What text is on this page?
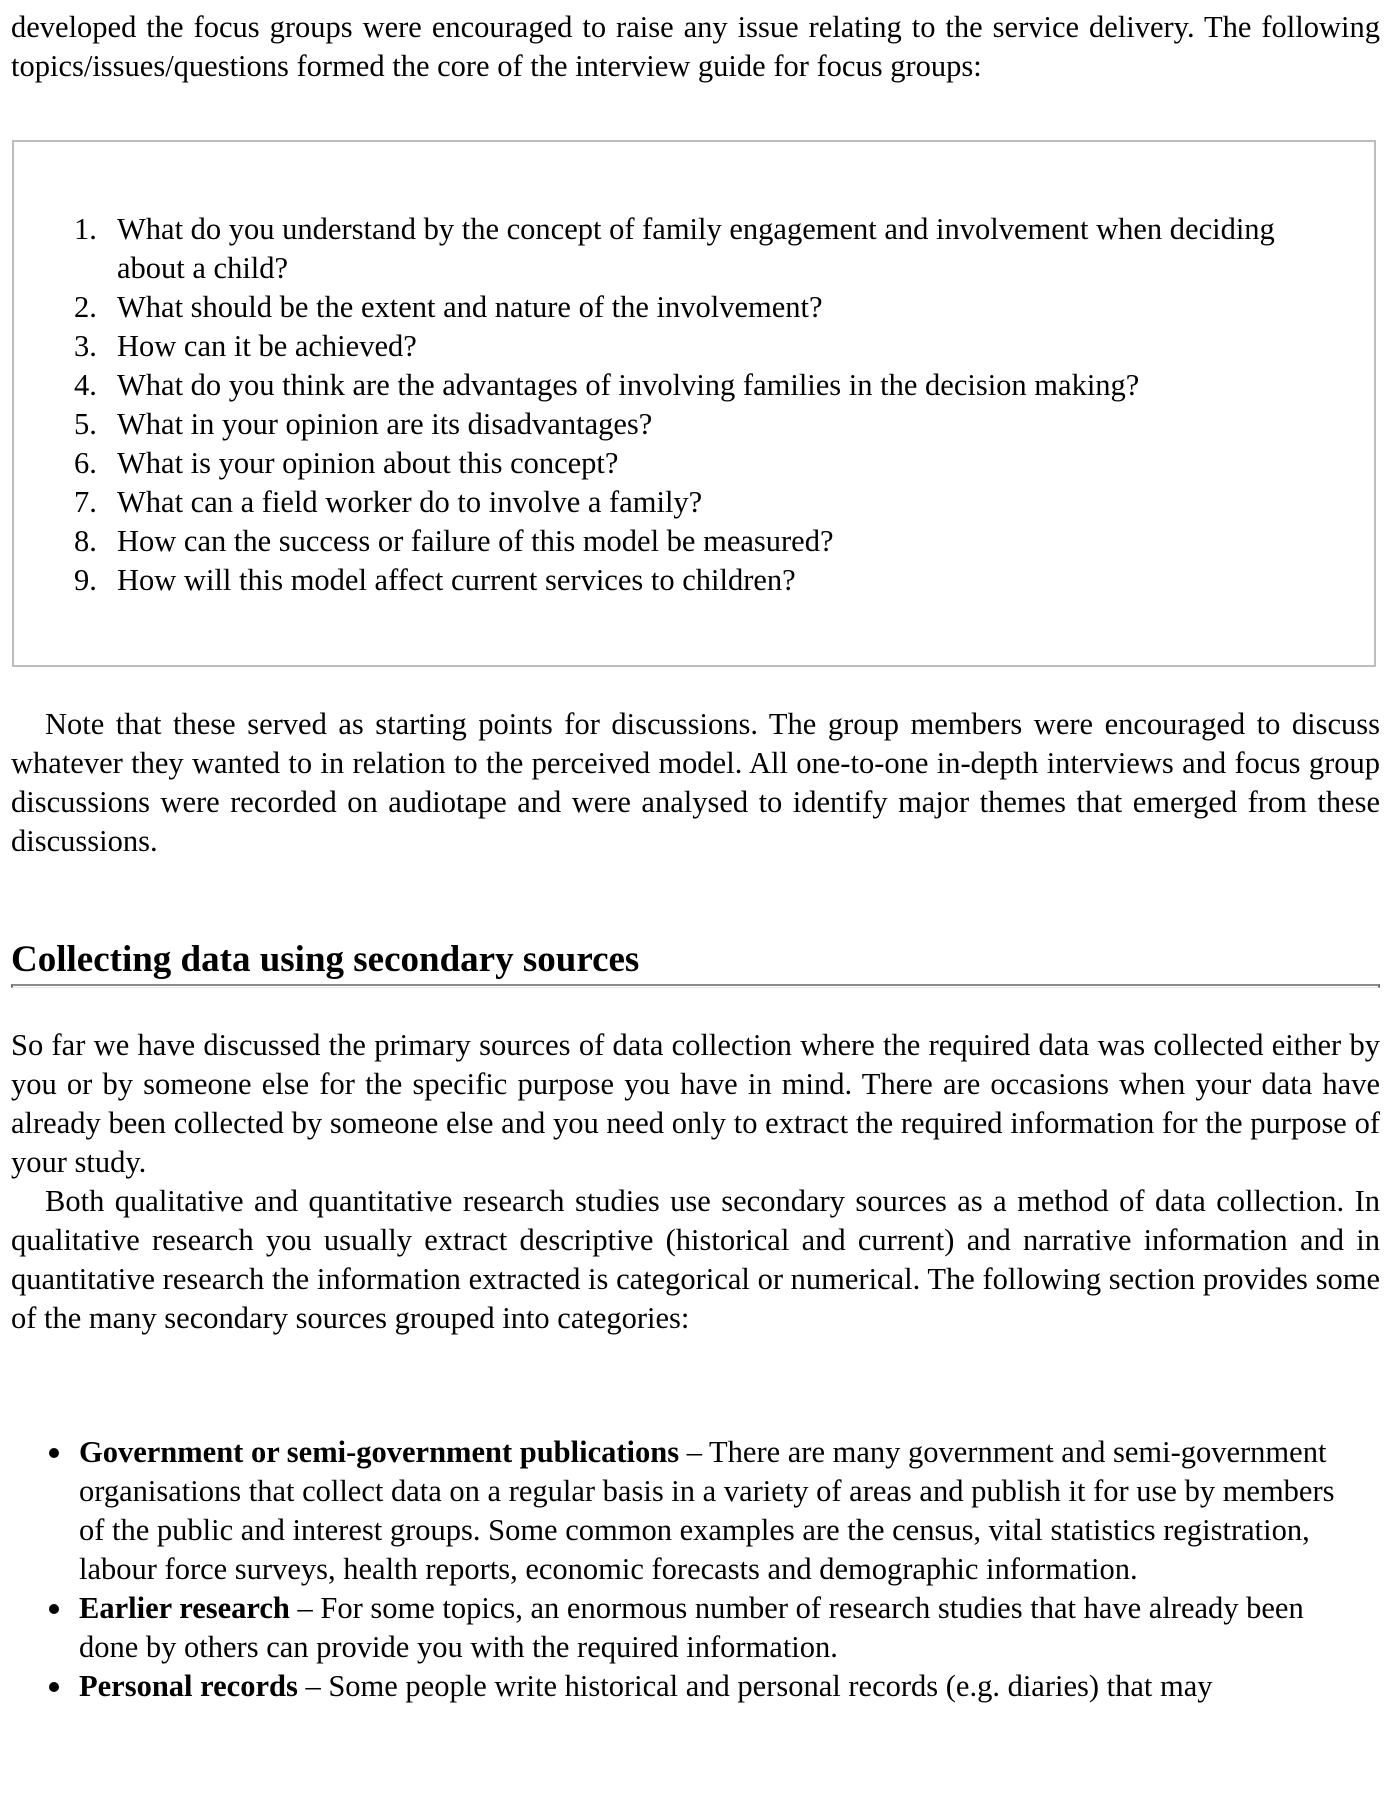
developed the focus groups were encouraged to raise any issue relating to the service delivery. The following topics/issues/questions formed the core of the interview guide for focus groups:

1. What do you understand by the concept of family engagement and involvement when deciding about a child?
2. What should be the extent and nature of the involvement?
3. How can it be achieved?
4. What do you think are the advantages of involving families in the decision making?
5. What in your opinion are its disadvantages?
6. What is your opinion about this concept?
7. What can a field worker do to involve a family?
8. How can the success or failure of this model be measured?
9. How will this model affect current services to children?

Note that these served as starting points for discussions. The group members were encouraged to discuss whatever they wanted to in relation to the perceived model. All one-to-one in-depth interviews and focus group discussions were recorded on audiotape and were analysed to identify major themes that emerged from these discussions.

Collecting data using secondary sources

So far we have discussed the primary sources of data collection where the required data was collected either by you or by someone else for the specific purpose you have in mind. There are occasions when your data have already been collected by someone else and you need only to extract the required information for the purpose of your study.

Both qualitative and quantitative research studies use secondary sources as a method of data collection. In qualitative research you usually extract descriptive (historical and current) and narrative information and in quantitative research the information extracted is categorical or numerical. The following section provides some of the many secondary sources grouped into categories:

Government or semi-government publications – There are many government and semi-government organisations that collect data on a regular basis in a variety of areas and publish it for use by members of the public and interest groups. Some common examples are the census, vital statistics registration, labour force surveys, health reports, economic forecasts and demographic information.
Earlier research – For some topics, an enormous number of research studies that have already been done by others can provide you with the required information.
Personal records – Some people write historical and personal records (e.g. diaries) that may
